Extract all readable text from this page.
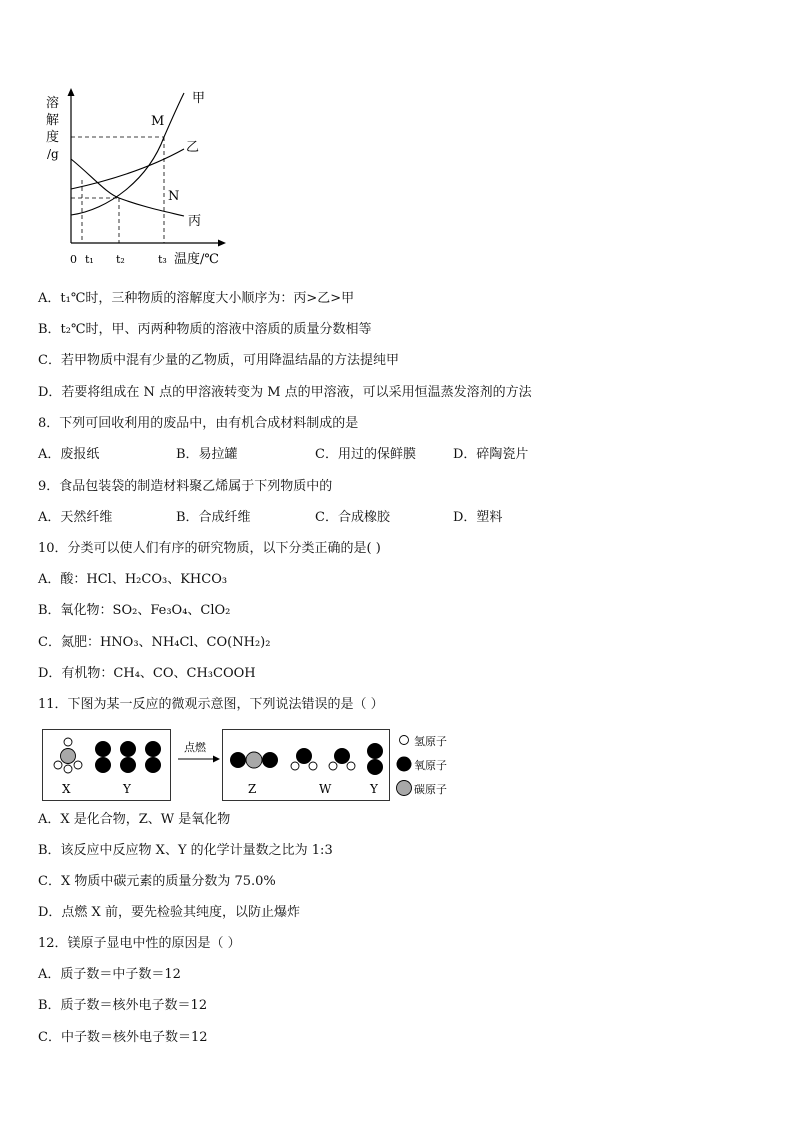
溶
解
度
/g
甲
乙
丙
M
N
0 t₁ t₂	t₃ 温度/℃
A．t₁℃时，三种物质的溶解度大小顺序为：丙>乙>甲
B．t₂℃时，甲、丙两种物质的溶液中溶质的质量分数相等
C．若甲物质中混有少量的乙物质，可用降温结晶的方法提纯甲
D．若要将组成在 N 点的甲溶液转变为 M 点的甲溶液，可以采用恒温蒸发溶剂的方法
8．下列可回收利用的废品中，由有机合成材料制成的是
A．废报纸	B．易拉罐	C．用过的保鲜膜	D．碎陶瓷片
9．食品包装袋的制造材料聚乙烯属于下列物质中的
A．天然纤维	B．合成纤维	C．合成橡胶	D．塑料
10．分类可以使人们有序的研究物质，以下分类正确的是( )
A．酸：HCl、H₂CO₃、KHCO₃
B．氧化物：SO₂、Fe₃O₄、ClO₂
C．氮肥：HNO₃、NH₄Cl、CO(NH₂)₂
D．有机物：CH₄、CO、CH₃COOH
11．下图为某一反应的微观示意图，下列说法错误的是（ ）
X	Y
点燃
Z	W	Y
氢原子
氧原子
碳原子
A．X 是化合物，Z、W 是氧化物
B．该反应中反应物 X、Y 的化学计量数之比为 1:3
C．X 物质中碳元素的质量分数为 75.0%
D．点燃 X 前，要先检验其纯度，以防止爆炸
12．镁原子显电中性的原因是（ ）
A．质子数＝中子数＝12
B．质子数＝核外电子数＝12
C．中子数＝核外电子数＝12
